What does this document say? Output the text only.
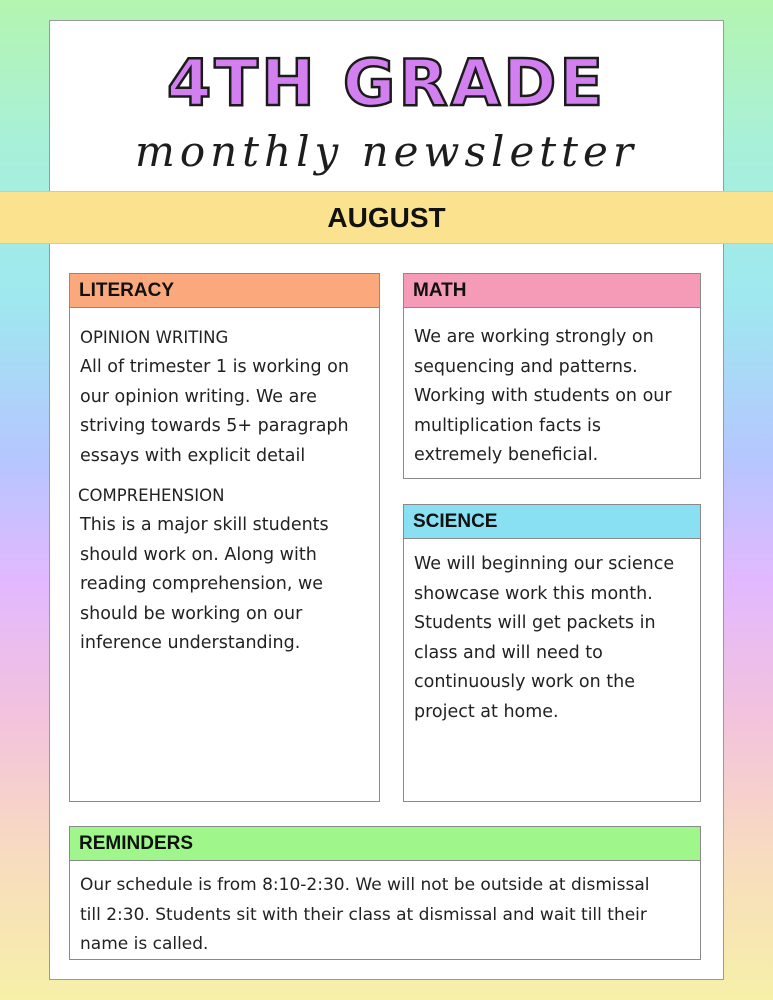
4TH GRADE
monthly newsletter
AUGUST
LITERACY
OPINION WRITING
All of trimester 1 is working on
our opinion writing. We are
striving towards 5+ paragraph
essays with explicit detail
COMPREHENSION
This is a major skill students
should work on. Along with
reading comprehension, we
should be working on our
inference understanding.
MATH
We are working strongly on
sequencing and patterns.
Working with students on our
multiplication facts is
extremely beneficial.
SCIENCE
We will beginning our science
showcase work this month.
Students will get packets in
class and will need to
continuously work on the
project at home.
REMINDERS
Our schedule is from 8:10-2:30. We will not be outside at dismissal
till 2:30. Students sit with their class at dismissal and wait till their
name is called.
